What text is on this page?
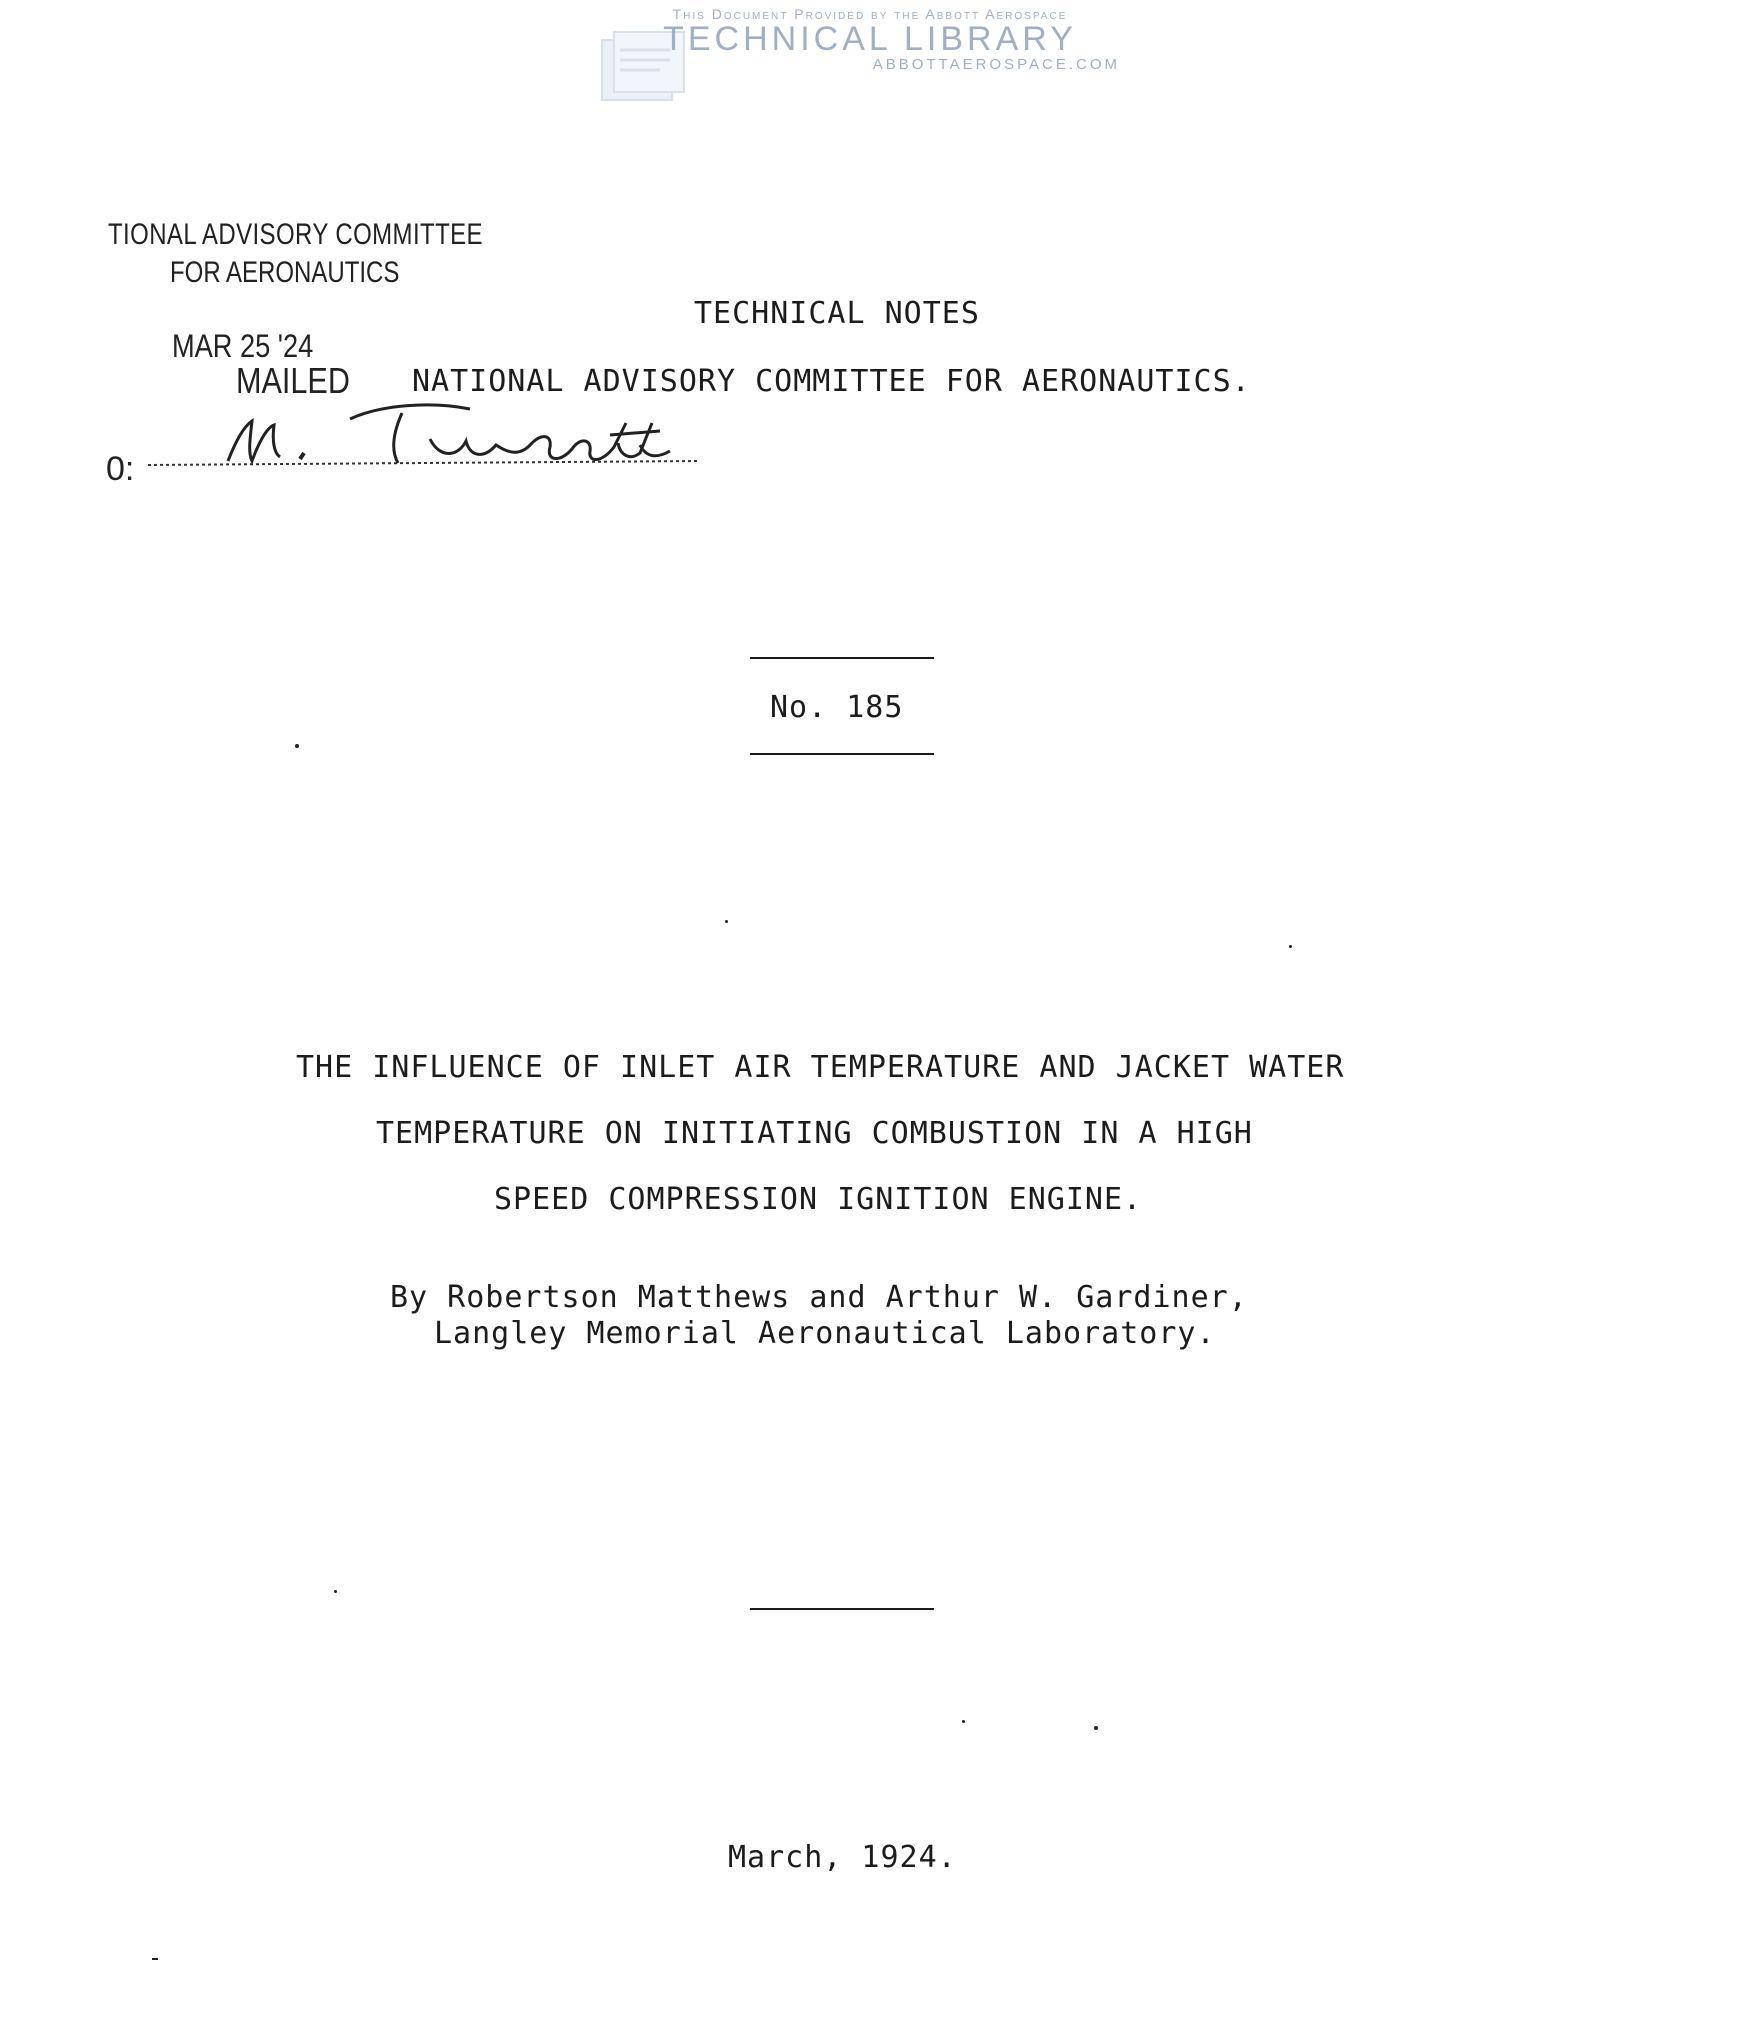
This Document Provided by the Abbott Aerospace
TECHNICAL LIBRARY
ABBOTTAEROSPACE.COM
TIONAL ADVISORY COMMITTEE
FOR AERONAUTICS
MAR 25 '24
MAILED
0:
TECHNICAL NOTES
NATIONAL ADVISORY COMMITTEE FOR AERONAUTICS.
No. 185
THE INFLUENCE OF INLET AIR TEMPERATURE AND JACKET WATER
TEMPERATURE ON INITIATING COMBUSTION IN A HIGH
SPEED COMPRESSION IGNITION ENGINE.
By Robertson Matthews and Arthur W. Gardiner,
Langley Memorial Aeronautical Laboratory.
March, 1924.
